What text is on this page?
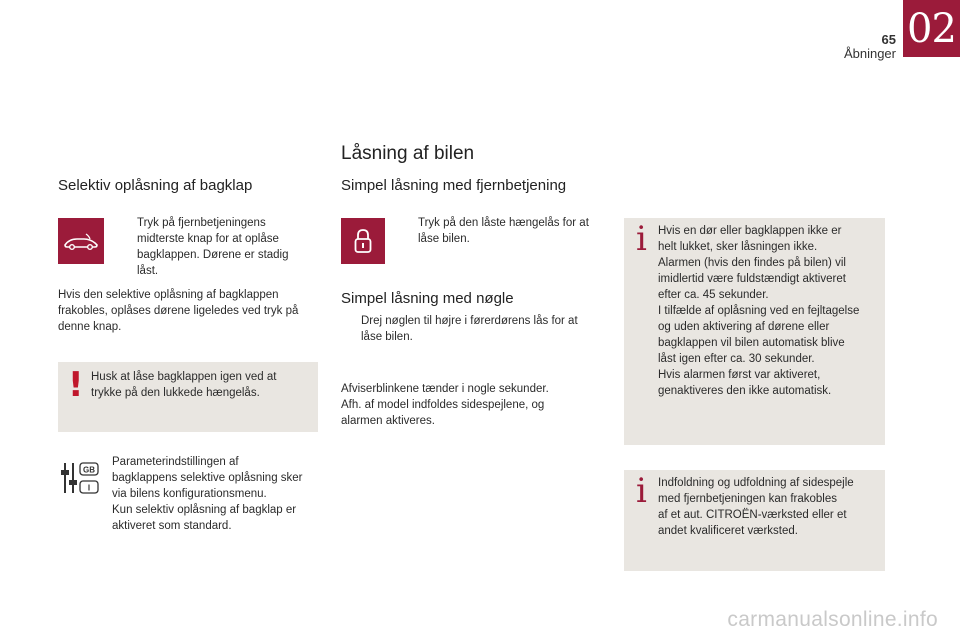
65
Åbninger
02
Låsning af bilen
Selektiv oplåsning af bagklap
Tryk på fjernbetjeningens
midterste knap for at oplåse
bagklappen. Dørene er stadig
låst.
Hvis den selektive oplåsning af bagklappen
frakobles, oplåses dørene ligeledes ved tryk på
denne knap.
! Husk at låse bagklappen igen ved at
trykke på den lukkede hængelås.
GB
I
Parameterindstillingen af
bagklappens selektive oplåsning sker
via bilens konfigurationsmenu.
Kun selektiv oplåsning af bagklap er
aktiveret som standard.
Simpel låsning med fjernbetjening
Tryk på den låste hængelås for at
låse bilen.
Simpel låsning med nøgle
Drej nøglen til højre i førerdørens lås for at
låse bilen.
Afviserblinkene tænder i nogle sekunder.
Afh. af model indfoldes sidespejlene, og
alarmen aktiveres.
i Hvis en dør eller bagklappen ikke er
helt lukket, sker låsningen ikke.
Alarmen (hvis den findes på bilen) vil
imidlertid være fuldstændigt aktiveret
efter ca. 45 sekunder.
I tilfælde af oplåsning ved en fejltagelse
og uden aktivering af dørene eller
bagklappen vil bilen automatisk blive
låst igen efter ca. 30 sekunder.
Hvis alarmen først var aktiveret,
genaktiveres den ikke automatisk.
i Indfoldning og udfoldning af sidespejle
med fjernbetjeningen kan frakobles
af et aut. CITROËN-værksted eller et
andet kvalificeret værksted.
carmanualsonline.info
